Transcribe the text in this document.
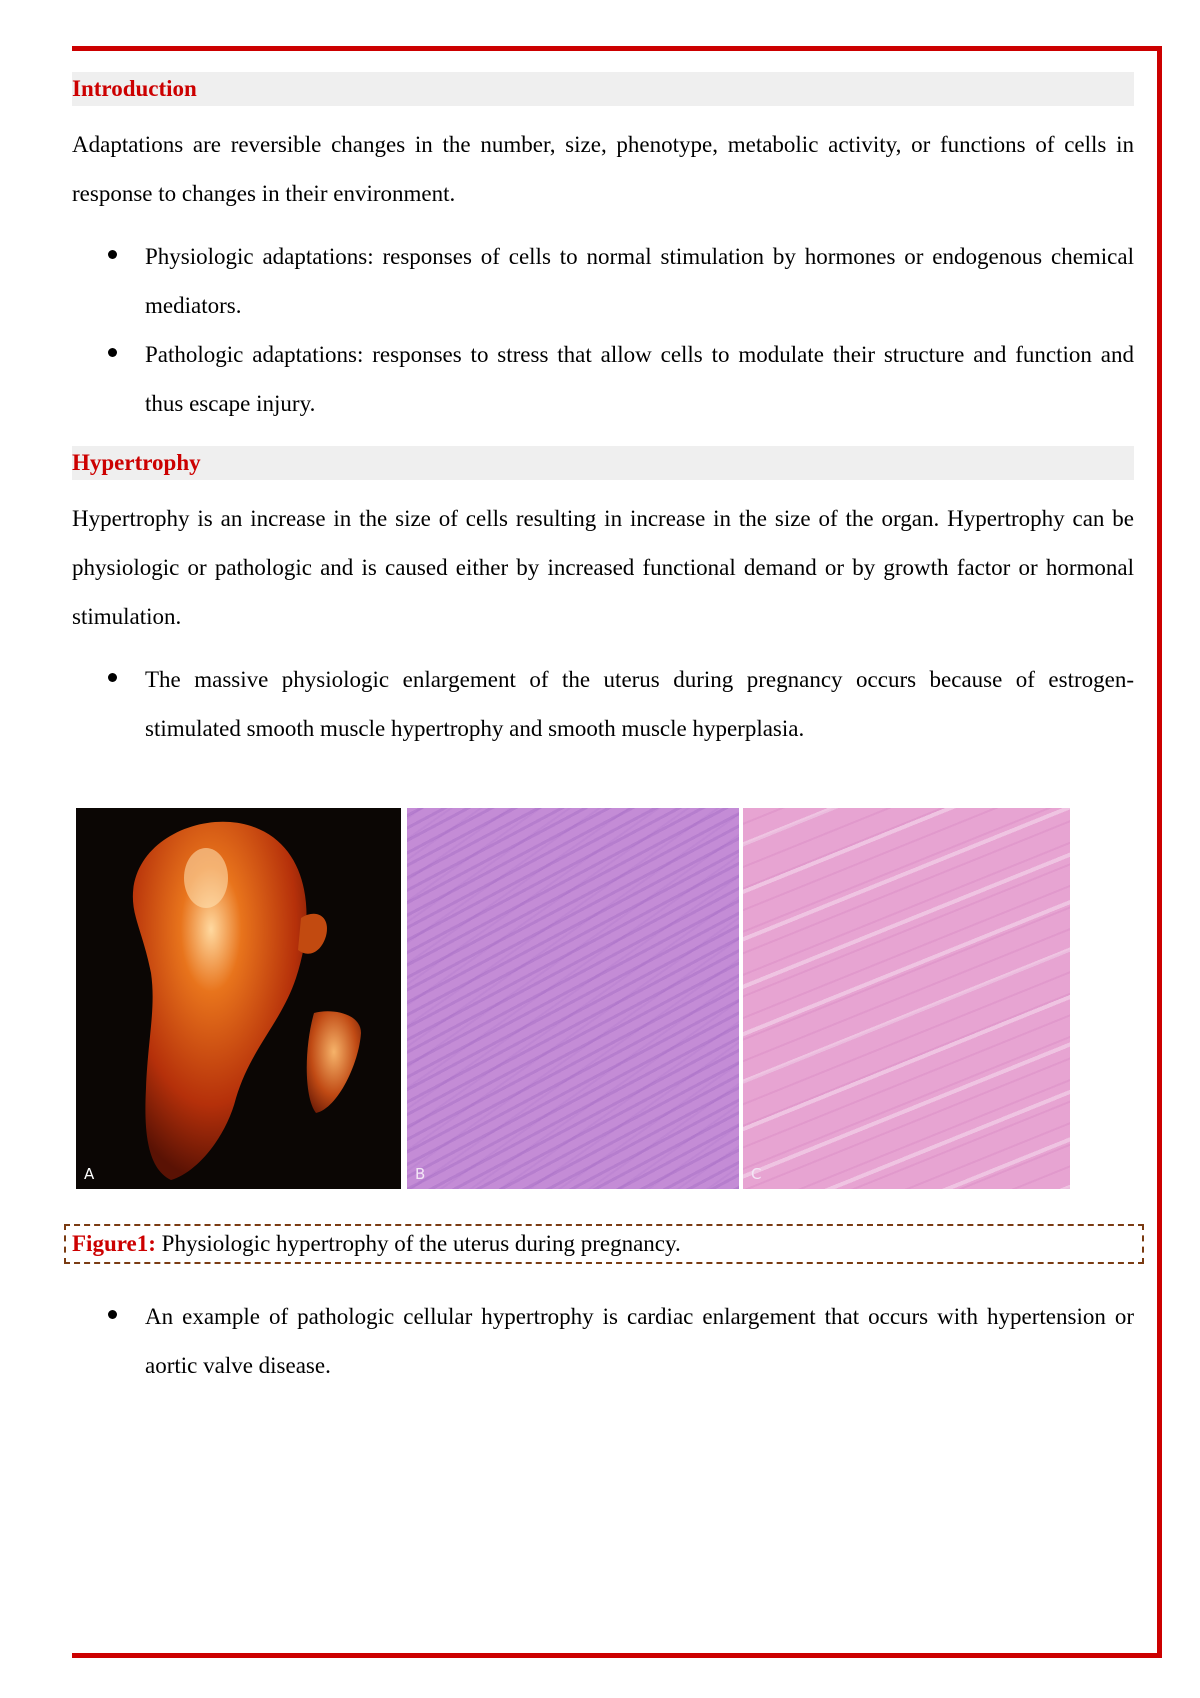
Introduction

Adaptations are reversible changes in the number, size, phenotype, metabolic activity, or functions of cells in response to changes in their environment.

Physiologic adaptations: responses of cells to normal stimulation by hormones or endogenous chemical mediators.
Pathologic adaptations: responses to stress that allow cells to modulate their structure and function and thus escape injury.
Hypertrophy

Hypertrophy is an increase in the size of cells resulting in increase in the size of the organ. Hypertrophy can be physiologic or pathologic and is caused either by increased functional demand or by growth factor or hormonal stimulation.

The massive physiologic enlargement of the uterus during pregnancy occurs because of estrogen-stimulated smooth muscle hypertrophy and smooth muscle hyperplasia.
A	B	C
Figure1: Physiologic hypertrophy of the uterus during pregnancy.
An example of pathologic cellular hypertrophy is cardiac enlargement that occurs with hypertension or aortic valve disease.
